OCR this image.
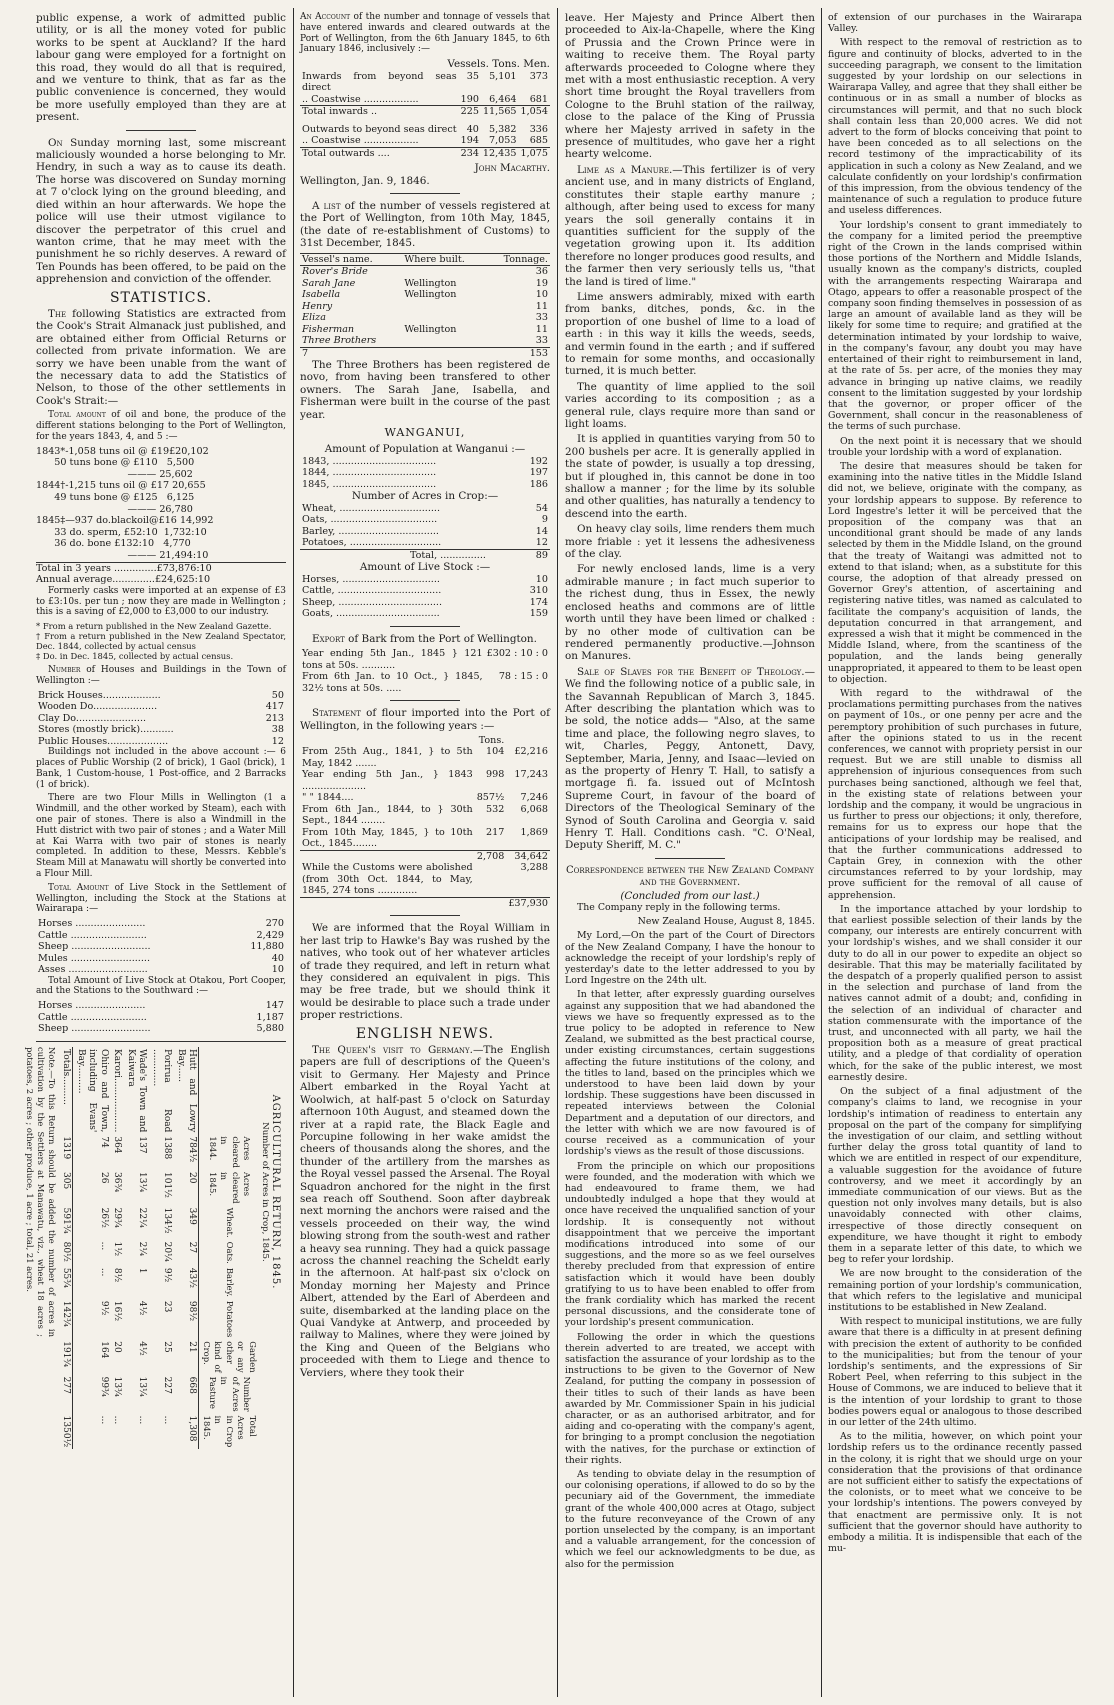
public expense, a work of admitted public utility, or is all the money voted for public works to be spent at Auckland? If the hard labour gang were employed for a fortnight on this road, they would do all that is required, and we venture to think, that as far as the public convenience is concerned, they would be more usefully employed than they are at present.

On Sunday morning last, some miscreant maliciously wounded a horse belonging to Mr. Hendry, in such a way as to cause its death. The horse was discovered on Sunday morning at 7 o'clock lying on the ground bleeding, and died within an hour afterwards. We hope the police will use their utmost vigilance to discover the perpetrator of this cruel and wanton crime, that he may meet with the punishment he so richly deserves. A reward of Ten Pounds has been offered, to be paid on the apprehension and conviction of the offender.

STATISTICS.

The following Statistics are extracted from the Cook's Strait Almanack just published, and are obtained either from Official Returns or collected from private information. We are sorry we have been unable from the want of the necessary data to add the Statistics of Nelson, to those of the other settlements in Cook's Strait:—

Total amount of oil and bone, the produce of the different stations belonging to the Port of Wellington, for the years 1843, 4, and 5 :—

1843*-1,058 tuns oil @ £19£20,102
50 tuns bone @ £110   5,500
——— 25,602
1844†-1,215 tuns oil @ £17 20,655
49 tuns bone @ £125   6,125
——— 26,780
1845‡—937 do.blackoil@£16 14,992
33 do. sperm, £52:10  1,732:10
36 do. bone £132:10   4,770
——— 21,494:10
Total in 3 years ..............£73,876:10
Annual average..............£24,625:10

Formerly casks were imported at an expense of £3 to £3:10s. per tun ; now they are made in Wellington ; this is a saving of £2,000 to £3,000 to our industry.

* From a return published in the New Zealand Gazette.
† From a return published in the New Zealand Spectator, Dec. 1844, collected by actual census
‡ Do. in Dec. 1845, collected by actual census.

Number of Houses and Buildings in the Town of Wellington :—

Brick Houses...................	50
Wooden Do.....................	417
Clay Do.......................	213
Stores (mostly brick)...........	38
Public Houses....................	12

Buildings not included in the above account :— 6 places of Public Worship (2 of brick), 1 Gaol (brick), 1 Bank, 1 Custom-house, 1 Post-office, and 2 Barracks (1 of brick).

There are two Flour Mills in Wellington (1 a Windmill, and the other worked by Steam), each with one pair of stones. There is also a Windmill in the Hutt district with two pair of stones ; and a Water Mill at Kai Warra with two pair of stones is nearly completed. In addition to these, Messrs. Kebble's Steam Mill at Manawatu will shortly be converted into a Flour Mill.

Total Amount of Live Stock in the Settlement of Wellington, including the Stock at the Stations at Wairarapa :—

Horses .......................	270
Cattle .........................	2,429
Sheep ..........................	11,880
Mules ..........................	40
Asses ..........................	10

Total Amount of Live Stock at Otakou, Port Cooper, and the Stations to the Southward :—

Horses .......................	147
Cattle .........................	1,187
Sheep ..........................	5,880
AGRICULTURAL RETURN, 1845.
Number of Acres in Crop, 1845.
	Acres cleared in 1844.	Acres cleared in 1845.	Wheat.	Oats.	Barley.	Potatoes	Garden or any other kind of Crop.	Number of Acres in Pasture	Total Acres in Crop in 1845.
Hutt and Lowry Bay......	784½	20	349	27	43½	98½	21	668	1,308
Porirua Road .............	1388	101½	134½	20¼	9½	23	25	227	...
Wade's Town and Kaiwara	137	13¼	22¼	2¼	1	4½	4½	13¼	...
Karori...................	364	36¾	29¾	1½	8½	16½	20	13¾	...
Ohiro and Town, including Evans' Bay..........	74	26	26½	...	...	9½	164	99¾	...
Totals..........	1319	305	591¾	80½	55¾	142¾	191¾	277	1350½
Note.—To this Return should be added the number of acres in cultivation by the Settlers at Manawatu, viz., wheat 18 acres ; potatoes, 2 acres ; other produce, 1 acre ; total, 21 acres.

An Account of the number and tonnage of vessels that have entered inwards and cleared outwards at the Port of Wellington, from the 6th January 1845, to 6th January 1846, inclusively :—

Vessels. Tons. Men.
Inwards from beyond seas direct	35	5,101	373
.. Coastwise ..................	190	6,464	681
Total inwards ..	225	11,565	1,054
Outwards to beyond seas direct	40	5,382	336
.. Coastwise ..................	194	7,053	685
Total outwards ....	234	12,435	1,075
John Macarthy.
Wellington, Jan. 9, 1846.

A list of the number of vessels registered at the Port of Wellington, from 10th May, 1845, (the date of re-establishment of Customs) to 31st December, 1845.

Vessel's name.	Where built.	Tonnage.
Rover's Bride		36
Sarah Jane	Wellington	19
Isabella	Wellington	10
Henry		11
Eliza		33
Fisherman	Wellington	11
Three Brothers		33
7		153

The Three Brothers has been registered de novo, from having been transfered to other owners. The Sarah Jane, Isabella, and Fisherman were built in the course of the past year.

WANGANUI,
Amount of Population at Wanganui :—
1843, ..................................	192
1844, ..................................	197
1845, ..................................	186
Number of Acres in Crop:—
Wheat, .................................	54
Oats, ...................................	9
Barley, .................................	14
Potatoes, ..............................	12
Total, ...............	89
Amount of Live Stock :—
Horses, ................................	10
Cattle, ..................................	310
Sheep, ..................................	174
Goats, ..................................	159

Export of Bark from the Port of Wellington.

Year ending 5th Jan., 1845 } 121 tons at 50s. ...........	£302 : 10 : 0
From 6th Jan. to 10 Oct., } 1845, 32½ tons at 50s. .....	78 : 15 : 0

Statement of flour imported into the Port of Wellington, in the following years :—

	Tons.	
From 25th Aug., 1841, } to 5th May, 1842 .......	104	£2,216
Year ending 5th Jan., } 1843 .....................	998	17,243
" " 1844....	857½	7,246
From 6th Jan., 1844, to } 30th Sept., 1844 ........	532	6,068
From 10th May, 1845, } to 10th Oct., 1845........	217	1,869
	2,708	34,642
While the Customs were abolished (from 30th Oct. 1844, to May, 1845, 274 tons .............		3,288
		£37,930

We are informed that the Royal William in her last trip to Hawke's Bay was rushed by the natives, who took out of her whatever articles of trade they required, and left in return what they considered an equivalent in pigs. This may be free trade, but we should think it would be desirable to place such a trade under proper restrictions.

ENGLISH NEWS.

The Queen's visit to Germany.—The English papers are full of descriptions of the Queen's visit to Germany. Her Majesty and Prince Albert embarked in the Royal Yacht at Woolwich, at half-past 5 o'clock on Saturday afternoon 10th August, and steamed down the river at a rapid rate, the Black Eagle and Porcupine following in her wake amidst the cheers of thousands along the shores, and the thunder of the artillery from the marshes as the Royal vessel passed the Arsenal. The Royal Squadron anchored for the night in the first sea reach off Southend. Soon after daybreak next morning the anchors were raised and the vessels proceeded on their way, the wind blowing strong from the south-west and rather a heavy sea running. They had a quick passage across the channel reaching the Scheldt early in the afternoon. At half-past six o'clock on Monday morning her Majesty and Prince Albert, attended by the Earl of Aberdeen and suite, disembarked at the landing place on the Quai Vandyke at Antwerp, and proceeded by railway to Malines, where they were joined by the King and Queen of the Belgians who proceeded with them to Liege and thence to Verviers, where they took their

leave. Her Majesty and Prince Albert then proceeded to Aix-la-Chapelle, where the King of Prussia and the Crown Prince were in waiting to receive them. The Royal party afterwards proceeded to Cologne where they met with a most enthusiastic reception. A very short time brought the Royal travellers from Cologne to the Bruhl station of the railway, close to the palace of the King of Prussia where her Majesty arrived in safety in the presence of multitudes, who gave her a right hearty welcome.

Lime as a Manure.—This fertilizer is of very ancient use, and in many districts of England, constitutes their staple earthy manure ; although, after being used to excess for many years the soil generally contains it in quantities sufficient for the supply of the vegetation growing upon it. Its addition therefore no longer produces good results, and the farmer then very seriously tells us, "that the land is tired of lime."

Lime answers admirably, mixed with earth from banks, ditches, ponds, &c. in the proportion of one bushel of lime to a load of earth : in this way it kills the weeds, seeds, and vermin found in the earth ; and if suffered to remain for some months, and occasionally turned, it is much better.

The quantity of lime applied to the soil varies according to its composition ; as a general rule, clays require more than sand or light loams.

It is applied in quantities varying from 50 to 200 bushels per acre. It is generally applied in the state of powder, is usually a top dressing, but if ploughed in, this cannot be done in too shallow a manner ; for the lime by its soluble and other qualities, has naturally a tendency to descend into the earth.

On heavy clay soils, lime renders them much more friable : yet it lessens the adhesiveness of the clay.

For newly enclosed lands, lime is a very admirable manure ; in fact much superior to the richest dung, thus in Essex, the newly enclosed heaths and commons are of little worth until they have been limed or chalked : by no other mode of cultivation can be rendered permanently productive.—Johnson on Manures.

Sale of Slaves for the Benefit of Theology.—We find the following notice of a public sale, in the Savannah Republican of March 3, 1845. After describing the plantation which was to be sold, the notice adds— "Also, at the same time and place, the following negro slaves, to wit, Charles, Peggy, Antonett, Davy, September, Maria, Jenny, and Isaac—levied on as the property of Henry T. Hall, to satisfy a mortgage fi. fa. issued out of McIntosh Supreme Court, in favour of the board of Directors of the Theological Seminary of the Synod of South Carolina and Georgia v. said Henry T. Hall. Conditions cash. "C. O'Neal, Deputy Sheriff, M. C."

Correspondence between the New Zealand Company and the Government.
(Concluded from our last.)

The Company reply in the following terms.

New Zealand House, August 8, 1845.

My Lord,—On the part of the Court of Directors of the New Zealand Company, I have the honour to acknowledge the receipt of your lordship's reply of yesterday's date to the letter addressed to you by Lord Ingestre on the 24th ult.

In that letter, after expressly guarding ourselves against any supposition that we had abandoned the views we have so frequently expressed as to the true policy to be adopted in reference to New Zealand, we submitted as the best practical course, under existing circumstances, certain suggestions affecting the future institutions of the colony, and the titles to land, based on the principles which we understood to have been laid down by your lordship. These suggestions have been discussed in repeated interviews between the Colonial Department and a deputation of our directors, and the letter with which we are now favoured is of course received as a communication of your lordship's views as the result of those discussions.

From the principle on which our propositions were founded, and the moderation with which we had endeavoured to frame them, we had undoubtedly indulged a hope that they would at once have received the unqualified sanction of your lordship. It is consequently not without disappointment that we perceive the important modifications introduced into some of our suggestions, and the more so as we feel ourselves thereby precluded from that expression of entire satisfaction which it would have been doubly gratifying to us to have been enabled to offer from the frank cordiality which has marked the recent personal discussions, and the considerate tone of your lordship's present communication.

Following the order in which the questions therein adverted to are treated, we accept with satisfaction the assurance of your lordship as to the instructions to be given to the Governor of New Zealand, for putting the company in possession of their titles to such of their lands as have been awarded by Mr. Commissioner Spain in his judicial character, or as an authorised arbitrator, and for aiding and co-operating with the company's agent, for bringing to a prompt conclusion the negotiation with the natives, for the purchase or extinction of their rights.

As tending to obviate delay in the resumption of our colonising operations, if allowed to do so by the pecuniary aid of the Government, the immediate grant of the whole 400,000 acres at Otago, subject to the future reconveyance of the Crown of any portion unselected by the company, is an important and a valuable arrangement, for the concession of which we feel our acknowledgments to be due, as also for the permission

of extension of our purchases in the Wairarapa Valley.

With respect to the removal of restriction as to figure and continuity of blocks, adverted to in the succeeding paragraph, we consent to the limitation suggested by your lordship on our selections in Wairarapa Valley, and agree that they shall either be continuous or in as small a number of blocks as circumstances will permit, and that no such block shall contain less than 20,000 acres. We did not advert to the form of blocks conceiving that point to have been conceded as to all selections on the record testimony of the impracticability of its application in such a colony as New Zealand, and we calculate confidently on your lordship's confirmation of this impression, from the obvious tendency of the maintenance of such a regulation to produce future and useless differences.

Your lordship's consent to grant immediately to the company for a limited period the preemptive right of the Crown in the lands comprised within those portions of the Northern and Middle Islands, usually known as the company's districts, coupled with the arrangements respecting Wairarapa and Otago, appears to offer a reasonable prospect of the company soon finding themselves in possession of as large an amount of available land as they will be likely for some time to require; and gratified at the determination intimated by your lordship to waive, in the company's favour, any doubt you may have entertained of their right to reimbursement in land, at the rate of 5s. per acre, of the monies they may advance in bringing up native claims, we readily consent to the limitation suggested by your lordship that the governor, or proper officer of the Government, shall concur in the reasonableness of the terms of such purchase.

On the next point it is necessary that we should trouble your lordship with a word of explanation.

The desire that measures should be taken for examining into the native titles in the Middle Island did not, we believe, originate with the company, as your lordship appears to suppose. By reference to Lord Ingestre's letter it will be perceived that the proposition of the company was that an unconditional grant should be made of any lands selected by them in the Middle Island, on the ground that the treaty of Waitangi was admitted not to extend to that island; when, as a substitute for this course, the adoption of that already pressed on Governor Grey's attention, of ascertaining and registering native titles, was named as calculated to facilitate the company's acquisition of lands, the deputation concurred in that arrangement, and expressed a wish that it might be commenced in the Middle Island, where, from the scantiness of the population, and the lands being generally unappropriated, it appeared to them to be least open to objection.

With regard to the withdrawal of the proclamations permitting purchases from the natives on payment of 10s., or one penny per acre and the peremptory prohibition of such purchases in future, after the opinions stated to us in the recent conferences, we cannot with propriety persist in our request. But we are still unable to dismiss all apprehension of injurious consequences from such purchases being sanctioned, although we feel that, in the existing state of relations between your lordship and the company, it would be ungracious in us further to press our objections; it only, therefore, remains for us to express our hope that the anticipations of your lordship may be realised, and that the further communications addressed to Captain Grey, in connexion with the other circumstances referred to by your lordship, may prove sufficient for the removal of all cause of apprehension.

In the importance attached by your lordship to that earliest possible selection of their lands by the company, our interests are entirely concurrent with your lordship's wishes, and we shall consider it our duty to do all in our power to expedite an object so desirable. That this may be materially facilitated by the despatch of a properly qualified person to assist in the selection and purchase of land from the natives cannot admit of a doubt; and, confiding in the selection of an individual of character and station commensurate with the importance of the trust, and unconnected with all party, we hail the proposition both as a measure of great practical utility, and a pledge of that cordiality of operation which, for the sake of the public interest, we most earnestly desire.

On the subject of a final adjustment of the company's claims to land, we recognise in your lordship's intimation of readiness to entertain any proposal on the part of the company for simplifying the investigation of our claim, and settling without further delay the gross total quantity of land to which we are entitled in respect of our expenditure, a valuable suggestion for the avoidance of future controversy, and we meet it accordingly by an immediate communication of our views. But as the question not only involves many details, but is also unavoidably connected with other claims, irrespective of those directly consequent on expenditure, we have thought it right to embody them in a separate letter of this date, to which we beg to refer your lordship.

We are now brought to the consideration of the remaining portion of your lordship's communication, that which refers to the legislative and municipal institutions to be established in New Zealand.

With respect to municipal institutions, we are fully aware that there is a difficulty in at present defining with precision the extent of authority to be confided to the municipalities; but from the tenour of your lordship's sentiments, and the expressions of Sir Robert Peel, when referring to this subject in the House of Commons, we are induced to believe that it is the intention of your lordship to grant to those bodies powers equal or analogous to those described in our letter of the 24th ultimo.

As to the militia, however, on which point your lordship refers us to the ordinance recently passed in the colony, it is right that we should urge on your consideration that the provisions of that ordinance are not sufficient either to satisfy the expectations of the colonists, or to meet what we conceive to be your lordship's intentions. The powers conveyed by that enactment are permissive only. It is not sufficient that the governor should have authority to embody a militia. It is indispensible that each of the mu-
